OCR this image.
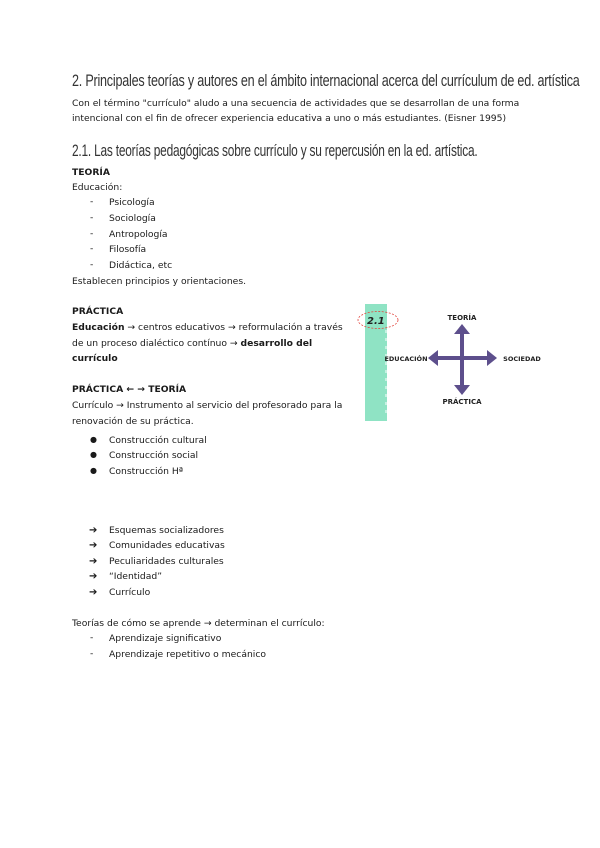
2. Principales teorías y autores en el ámbito internacional acerca del currículum de ed. artística
Con el término "currículo" aludo a una secuencia de actividades que se desarrollan de una forma
intencional con el fin de ofrecer experiencia educativa a uno o más estudiantes. (Eisner 1995)
2.1. Las teorías pedagógicas sobre currículo y su repercusión en la ed. artística.
TEORÍA
Educación:
- Psicología
- Sociología
- Antropología
- Filosofía
- Didáctica, etc
Establecen principios y orientaciones.
PRÁCTICA
Educación → centros educativos → reformulación a través
de un proceso dialéctico contínuo → desarrollo del
currículo
PRÁCTICA ← → TEORÍA
Currículo → Instrumento al servicio del profesorado para la
renovación de su práctica.
2.1	TEORÍA
EDUCACIÓN	SOCIEDAD
PRÁCTICA
● Construcción cultural
● Construcción social
● Construcción Hª
➔ Esquemas socializadores
➔ Comunidades educativas
➔ Peculiaridades culturales
➔ “Identidad”
➔ Currículo
Teorías de cómo se aprende → determinan el currículo:
- Aprendizaje significativo
- Aprendizaje repetitivo o mecánico
